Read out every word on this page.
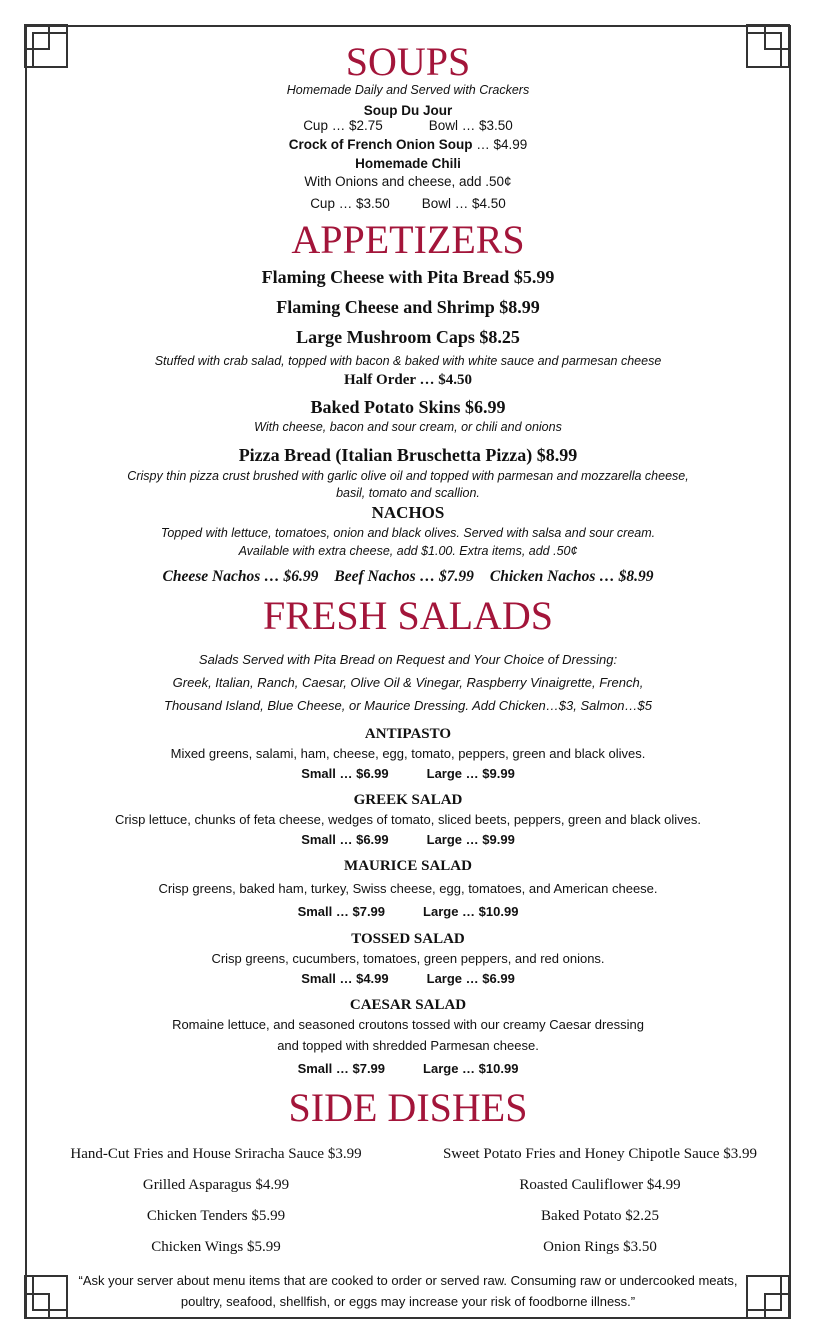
SOUPS
Homemade Daily and Served with Crackers
Soup Du Jour
Cup … $2.75	Bowl … $3.50
Crock of French Onion Soup … $4.99
Homemade Chili
With Onions and cheese, add .50¢
Cup … $3.50 Bowl … $4.50
APPETIZERS
Flaming Cheese with Pita Bread $5.99
Flaming Cheese and Shrimp $8.99
Large Mushroom Caps $8.25
Stuffed with crab salad, topped with bacon & baked with white sauce and parmesan cheese
Half Order … $4.50
Baked Potato Skins $6.99
With cheese, bacon and sour cream, or chili and onions
Pizza Bread (Italian Bruschetta Pizza) $8.99
Crispy thin pizza crust brushed with garlic olive oil and topped with parmesan and mozzarella cheese,
basil, tomato and scallion.
NACHOS
Topped with lettuce, tomatoes, onion and black olives. Served with salsa and sour cream.
Available with extra cheese, add $1.00. Extra items, add .50¢
Cheese Nachos … $6.99 Beef Nachos … $7.99 Chicken Nachos … $8.99
FRESH SALADS
Salads Served with Pita Bread on Request and Your Choice of Dressing:
Greek, Italian, Ranch, Caesar, Olive Oil & Vinegar, Raspberry Vinaigrette, French,
Thousand Island, Blue Cheese, or Maurice Dressing. Add Chicken…$3, Salmon…$5
ANTIPASTO
Mixed greens, salami, ham, cheese, egg, tomato, peppers, green and black olives.
Small … $6.99	Large … $9.99
GREEK SALAD
Crisp lettuce, chunks of feta cheese, wedges of tomato, sliced beets, peppers, green and black olives.
Small … $6.99	Large … $9.99
MAURICE SALAD
Crisp greens, baked ham, turkey, Swiss cheese, egg, tomatoes, and American cheese.
Small … $7.99	Large … $10.99
TOSSED SALAD
Crisp greens, cucumbers, tomatoes, green peppers, and red onions.
Small … $4.99	Large … $6.99
CAESAR SALAD
Romaine lettuce, and seasoned croutons tossed with our creamy Caesar dressing
and topped with shredded Parmesan cheese.
Small … $7.99	Large … $10.99
SIDE DISHES
Hand-Cut Fries and House Sriracha Sauce $3.99
Grilled Asparagus $4.99
Chicken Tenders $5.99
Chicken Wings $5.99
Sweet Potato Fries and Honey Chipotle Sauce $3.99
Roasted Cauliflower $4.99
Baked Potato $2.25
Onion Rings $3.50
“Ask your server about menu items that are cooked to order or served raw. Consuming raw or undercooked meats,
poultry, seafood, shellfish, or eggs may increase your risk of foodborne illness.”
